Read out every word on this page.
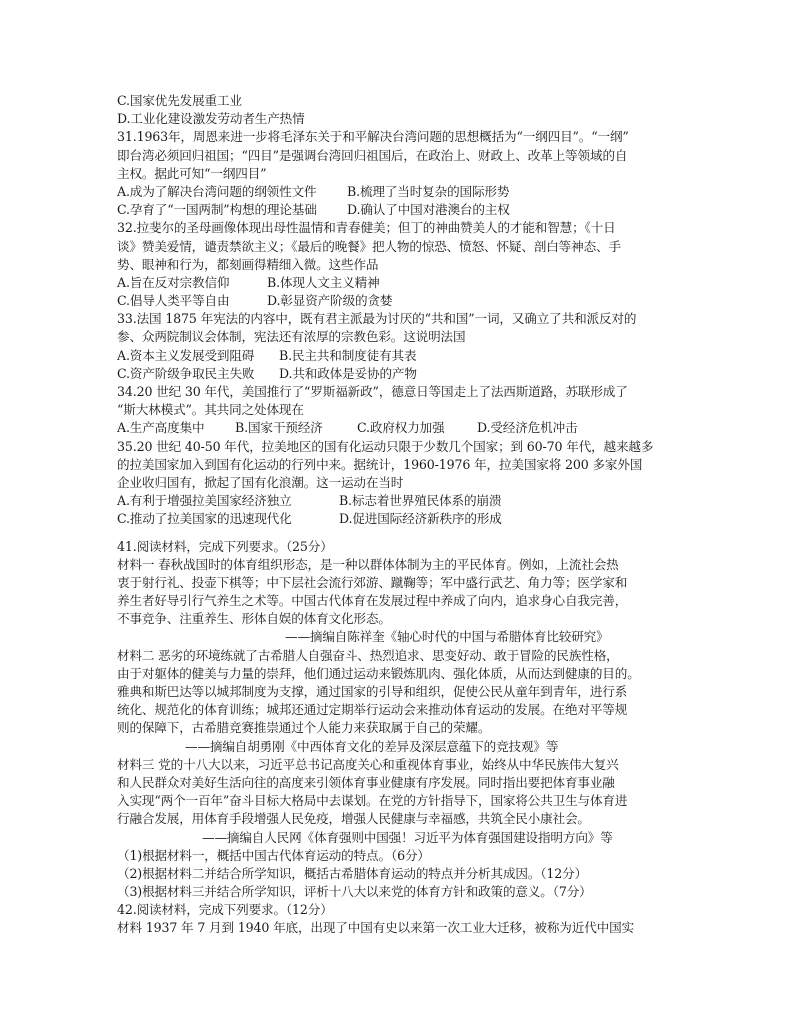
C.国家优先发展重工业
D.工业化建设激发劳动者生产热情
31.1963年，周恩来进一步将毛泽东关于和平解决台湾问题的思想概括为“一纲四目”。“一纲”
即台湾必须回归祖国；“四目”是强调台湾回归祖国后，在政治上、财政上、改革上等领域的自
主权。据此可知“一纲四目”
A.成为了解决台湾问题的纲领性文件	B.梳理了当时复杂的国际形势
C.孕育了“一国两制”构想的理论基础	D.确认了中国对港澳台的主权
32.拉斐尔的圣母画像体现出母性温情和青春健美；但丁的神曲赞美人的才能和智慧；《十日
谈》赞美爱情，谴责禁欲主义；《最后的晚餐》把人物的惊恐、愤怒、怀疑、剖白等神态、手
势、眼神和行为，都刻画得精细入微。这些作品
A.旨在反对宗教信仰	B.体现人文主义精神
C.倡导人类平等自由	D.彰显资产阶级的贪婪
33.法国 1875 年宪法的内容中，既有君主派最为讨厌的“共和国”一词，又确立了共和派反对的
参、众两院制议会体制，宪法还有浓厚的宗教色彩。这说明法国
A.资本主义发展受到阻碍	B.民主共和制度徒有其表
C.资产阶级争取民主失败	D.共和政体是妥协的产物
34.20 世纪 30 年代，美国推行了“罗斯福新政”，德意日等国走上了法西斯道路，苏联形成了
“斯大林模式”。其共同之处体现在
A.生产高度集中	B.国家干预经济	C.政府权力加强	D.受经济危机冲击
35.20 世纪 40-50 年代，拉美地区的国有化运动只限于少数几个国家；到 60-70 年代，越来越多
的拉美国家加入到国有化运动的行列中来。据统计，1960-1976 年，拉美国家将 200 多家外国
企业收归国有，掀起了国有化浪潮。这一运动在当时
A.有利于增强拉美国家经济独立	B.标志着世界殖民体系的崩溃
C.推动了拉美国家的迅速现代化	D.促进国际经济新秩序的形成
41.阅读材料，完成下列要求。（25分）
材料一 春秋战国时的体育组织形态，是一种以群体体制为主的平民体育。例如，上流社会热
衷于射行礼、投壶下棋等；中下层社会流行郊游、蹴鞠等；军中盛行武艺、角力等；医学家和
养生者好导引行气养生之术等。中国古代体育在发展过程中养成了向内，追求身心自我完善，
不事竞争、注重养生、形体自娱的体育文化形态。
——摘编自陈祥奎《轴心时代的中国与希腊体育比较研究》
材料二 恶劣的环境练就了古希腊人自强奋斗、热烈追求、思变好动、敢于冒险的民族性格，
由于对躯体的健美与力量的崇拜，他们通过运动来锻炼肌肉、强化体质，从而达到健康的目的。
雅典和斯巴达等以城邦制度为支撑，通过国家的引导和组织，促使公民从童年到青年，进行系
统化、规范化的体育训练；城邦还通过定期举行运动会来推动体育运动的发展。在绝对平等规
则的保障下，古希腊竞赛推崇通过个人能力来获取属于自己的荣耀。
——摘编自胡勇刚《中西体育文化的差异及深层意蕴下的竞技观》等
材料三 党的十八大以来，习近平总书记高度关心和重视体育事业，始终从中华民族伟大复兴
和人民群众对美好生活向往的高度来引领体育事业健康有序发展。同时指出要把体育事业融
入实现“两个一百年”奋斗目标大格局中去谋划。在党的方针指导下，国家将公共卫生与体育进
行融合发展，用体育手段增强人民免疫，增强人民健康与幸福感，共筑全民小康社会。
——摘编自人民网《体育强则中国强！习近平为体育强国建设指明方向》等
（1)根据材料一，概括中国古代体育运动的特点。（6分）
（2)根据材料二并结合所学知识，概括古希腊体育运动的特点并分析其成因。（12分）
（3)根据材料三并结合所学知识，评析十八大以来党的体育方针和政策的意义。（7分）
42.阅读材料，完成下列要求。（12分）
材料 1937 年 7 月到 1940 年底，出现了中国有史以来第一次工业大迁移，被称为近代中国实
